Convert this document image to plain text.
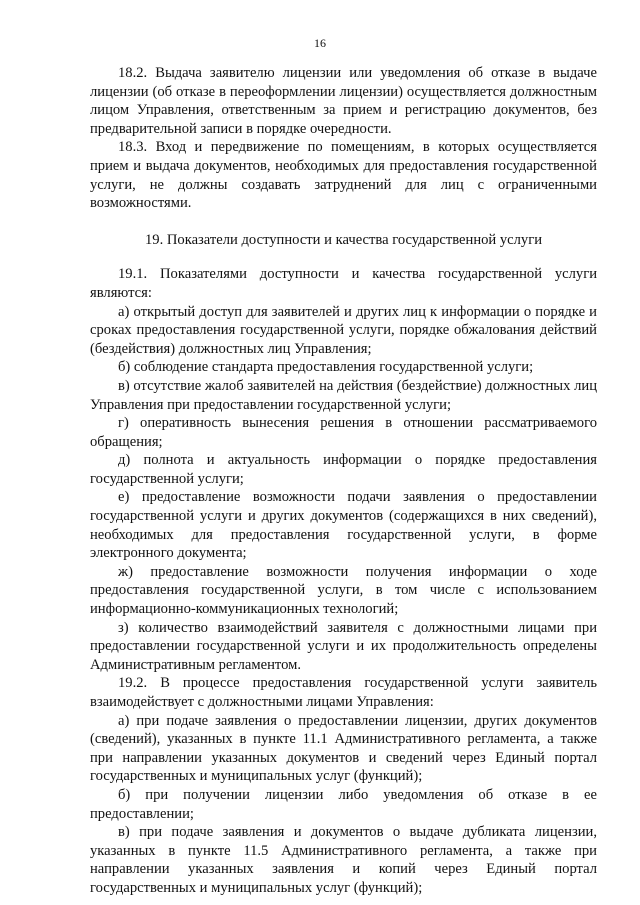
16

18.2. Выдача заявителю лицензии или уведомления об отказе в выдаче лицензии (об отказе в переоформлении лицензии) осуществляется должностным лицом Управления, ответственным за прием и регистрацию документов, без предварительной записи в порядке очередности.

18.3. Вход и передвижение по помещениям, в которых осуществляется прием и выдача документов, необходимых для предоставления государственной услуги, не должны создавать затруднений для лиц с ограниченными возможностями.

19. Показатели доступности и качества государственной услуги

19.1. Показателями доступности и качества государственной услуги являются:

а) открытый доступ для заявителей и других лиц к информации о порядке и сроках предоставления государственной услуги, порядке обжалования действий (бездействия) должностных лиц Управления;

б) соблюдение стандарта предоставления государственной услуги;

в) отсутствие жалоб заявителей на действия (бездействие) должностных лиц Управления при предоставлении государственной услуги;

г) оперативность вынесения решения в отношении рассматриваемого обращения;

д) полнота и актуальность информации о порядке предоставления государственной услуги;

е) предоставление возможности подачи заявления о предоставлении государственной услуги и других документов (содержащихся в них сведений), необходимых для предоставления государственной услуги, в форме электронного документа;

ж) предоставление возможности получения информации о ходе предоставления государственной услуги, в том числе с использованием информационно-коммуникационных технологий;

з) количество взаимодействий заявителя с должностными лицами при предоставлении государственной услуги и их продолжительность определены Административным регламентом.

19.2. В процессе предоставления государственной услуги заявитель взаимодействует с должностными лицами Управления:

а) при подаче заявления о предоставлении лицензии, других документов (сведений), указанных в пункте 11.1 Административного регламента, а также при направлении указанных документов и сведений через Единый портал государственных и муниципальных услуг (функций);

б) при получении лицензии либо уведомления об отказе в ее предоставлении;

в) при подаче заявления и документов о выдаче дубликата лицензии, указанных в пункте 11.5 Административного регламента, а также при направлении указанных заявления и копий через Единый портал государственных и муниципальных услуг (функций);
